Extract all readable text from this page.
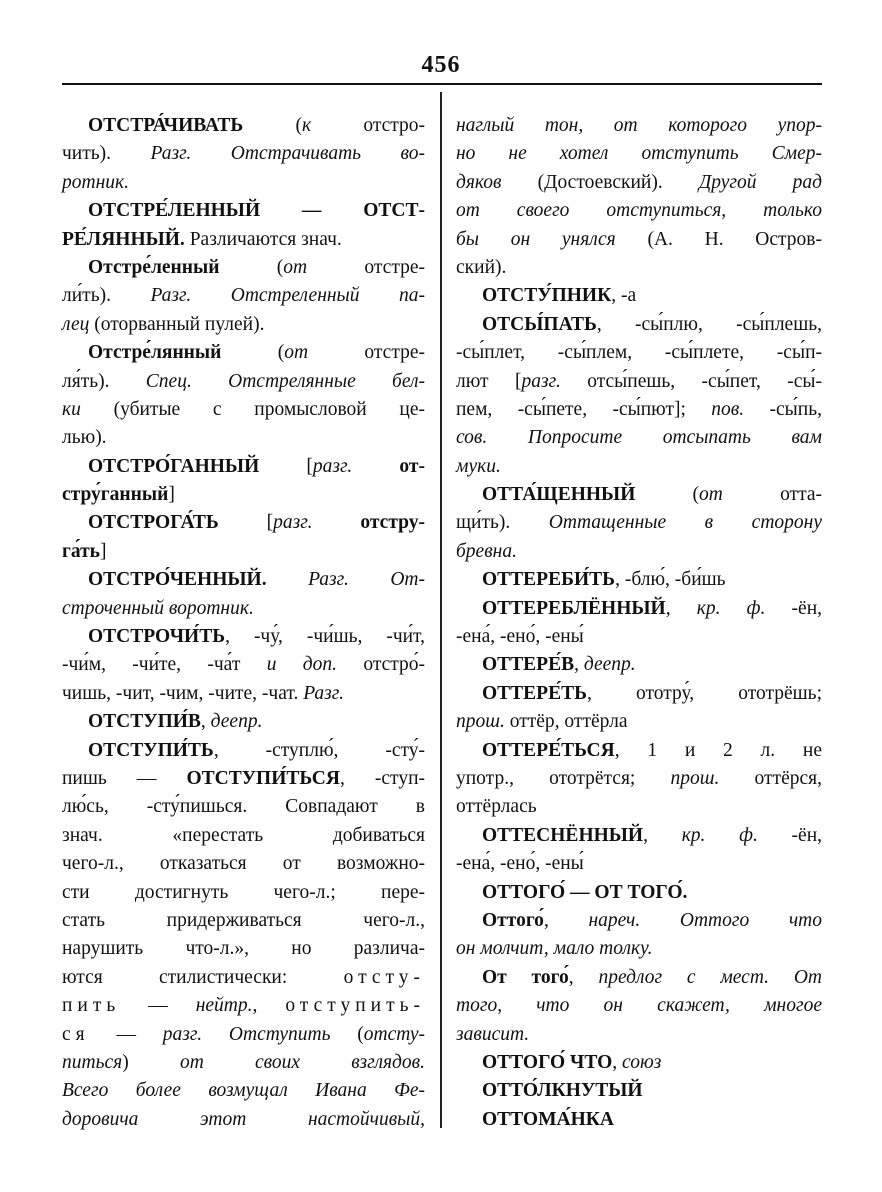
456
ОТСТРА́ЧИВАТЬ (к отстро-
чить). Разг. Отстрачивать во-
ротник.
ОТСТРЕ́ЛЕННЫЙ — ОТСТ-
РЕ́ЛЯННЫЙ. Различаются знач.
Отстре́ленный (от отстре-
ли́ть). Разг. Отстреленный па-
лец (оторванный пулей).
Отстре́лянный (от отстре-
ля́ть). Спец. Отстрелянные бел-
ки (убитые с промысловой це-
лью).
ОТСТРО́ГАННЫЙ [разг. от-
стру́ганный]
ОТСТРОГА́ТЬ [разг. отстру-
га́ть]
ОТСТРО́ЧЕННЫЙ. Разг. От-
строченный воротник.
ОТСТРОЧИ́ТЬ, -чу́, -чи́шь, -чи́т,
-чи́м, -чи́те, -ча́т и доп. отстро́-
чишь, -чит, -чим, -чите, -чат. Разг.
ОТСТУПИ́В, деепр.
ОТСТУПИ́ТЬ, -ступлю́, -сту́-
пишь — ОТСТУПИ́ТЬСЯ, -ступ-
лю́сь, -сту́пишься. Совпадают в
знач. «перестать добиваться
чего-л., отказаться от возможно-
сти достигнуть чего-л.; пере-
стать придерживаться чего-л.,
нарушить что-л.», но различа-
ются стилистически: отсту-
пить — нейтр., отступить-
ся — разг. Отступить (отсту-
питься) от своих взглядов.
Всего более возмущал Ивана Фе-
доровича этот настойчивый,
наглый тон, от которого упор-
но не хотел отступить Смер-
дяков (Достоевский). Другой рад
от своего отступиться, только
бы он унялся (А. Н. Остров-
ский).
ОТСТУ́ПНИК, -а
ОТСЫ́ПАТЬ, -сы́плю, -сы́плешь,
-сы́плет, -сы́плем, -сы́плете, -сы́п-
лют [разг. отсы́пешь, -сы́пет, -сы́-
пем, -сы́пете, -сы́пют]; пов. -сы́пь,
сов. Попросите отсыпать вам
муки.
ОТТА́ЩЕННЫЙ (от отта-
щи́ть). Оттащенные в сторону
бревна.
ОТТЕРЕБИ́ТЬ, -блю́, -би́шь
ОТТЕРЕБЛЁННЫЙ, кр. ф. -ён,
-ена́, -ено́, -ены́
ОТТЕРЕ́В, деепр.
ОТТЕРЕ́ТЬ, ототру́, ототрёшь;
прош. оттёр, оттёрла
ОТТЕРЕ́ТЬСЯ, 1 и 2 л. не
употр., ототрётся; прош. оттёрся,
оттёрлась
ОТТЕСНЁННЫЙ, кр. ф. -ён,
-ена́, -ено́, -ены́
ОТТОГО́ — ОТ ТОГО́.
Оттого́, нареч. Оттого что
он молчит, мало толку.
От того́, предлог с мест. От
того, что он скажет, многое
зависит.
ОТТОГО́ ЧТО, союз
ОТТО́ЛКНУТЫЙ
ОТТОМА́НКА
